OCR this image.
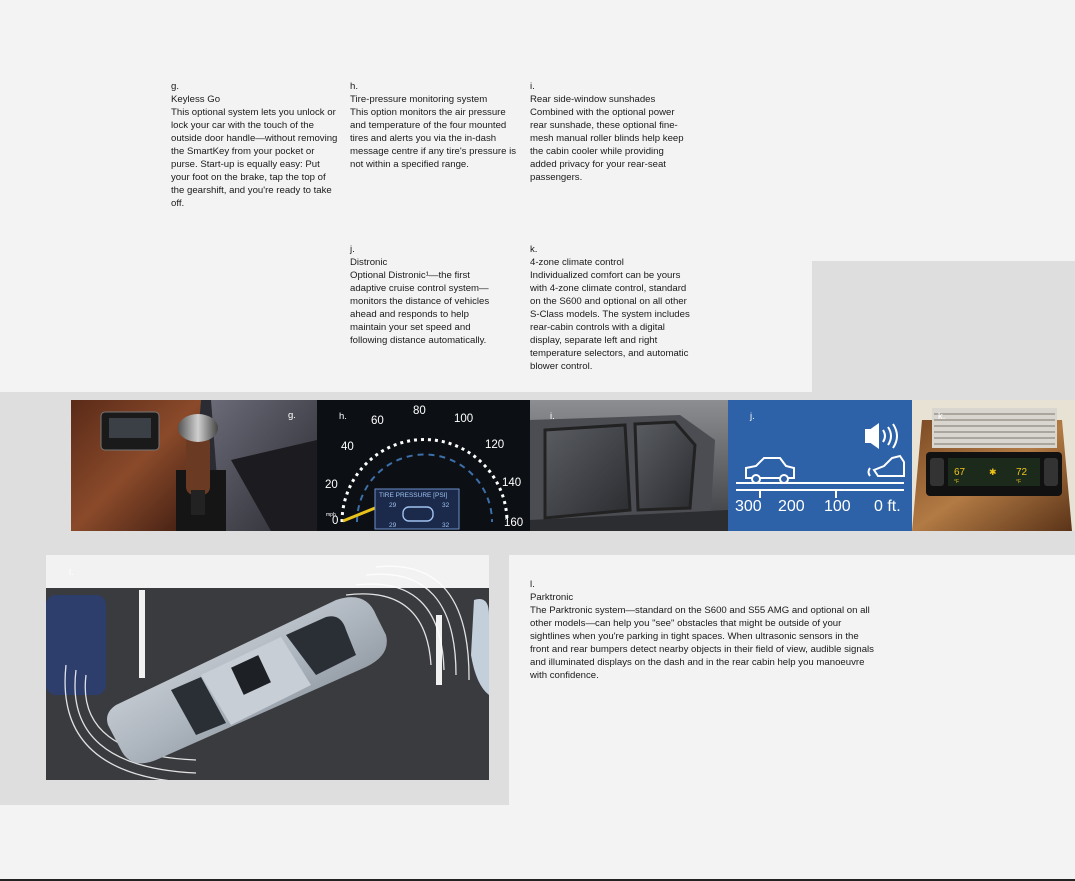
g.
Keyless Go
This optional system lets you unlock or lock your car with the touch of the outside door handle—without removing the SmartKey from your pocket or purse. Start-up is equally easy: Put your foot on the brake, tap the top of the gearshift, and you're ready to take off.
h.
Tire-pressure monitoring system
This option monitors the air pressure and temperature of the four mounted tires and alerts you via the in-dash message centre if any tire's pressure is not within a specified range.
i.
Rear side-window sunshades
Combined with the optional power rear sunshade, these optional fine-mesh manual roller blinds help keep the cabin cooler while providing added privacy for your rear-seat passengers.
j.
Distronic
Optional Distronic¹—the first adaptive cruise control system—monitors the distance of vehicles ahead and responds to help maintain your set speed and following distance automatically.
k.
4-zone climate control
Individualized comfort can be yours with 4-zone climate control, standard on the S600 and optional on all other S-Class models. The system includes rear-cabin controls with a digital display, separate left and right temperature selectors, and automatic blower control.
l.
Parktronic
The Parktronic system—standard on the S600 and S55 AMG and optional on all other models—can help you "see" obstacles that might be outside of your sightlines when you're parking in tight spaces. When ultrasonic sensors in the front and rear bumpers detect nearby objects in their field of view, audible signals and illuminated displays on the dash and in the rear cabin help you manoeuvre with confidence.
g.
0
20
40
60
80
100
120
140
160
mph
TIRE PRESSURE [PSI]
29	32
29	32
h.	i.
300 200 100 0 ft.
j.
67	72
°F	°F
✱
k.
l.
